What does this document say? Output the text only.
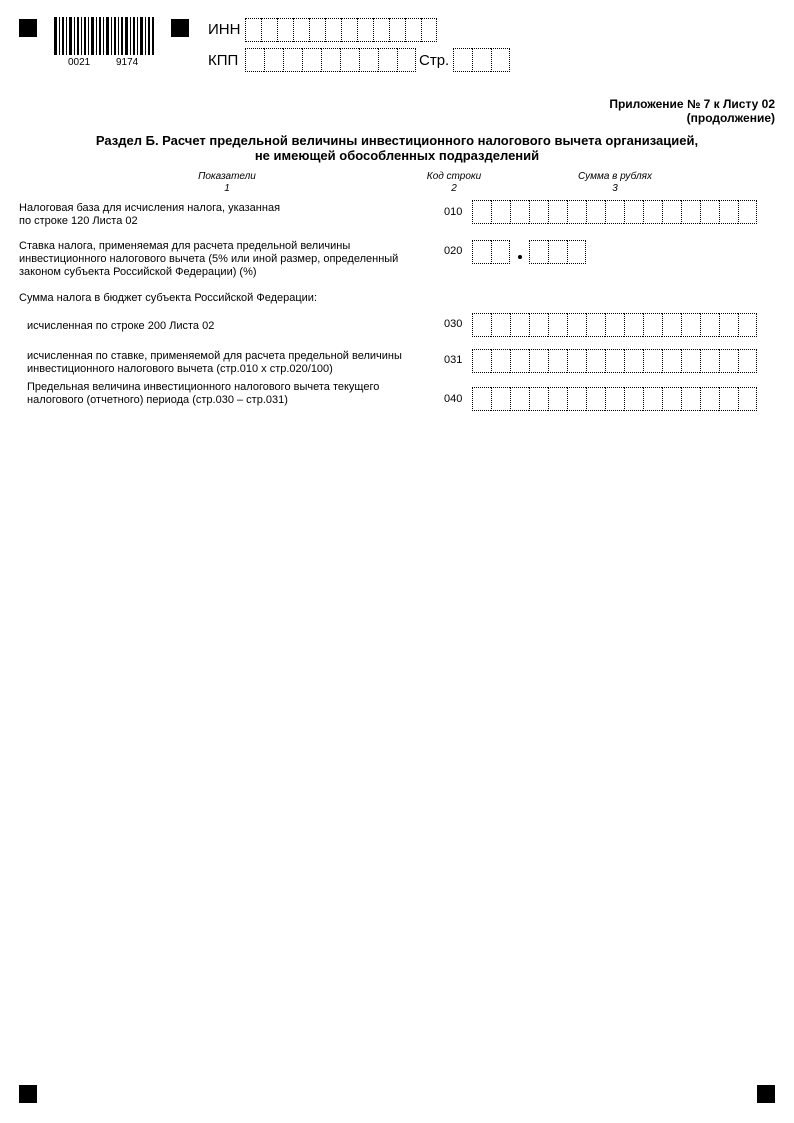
0021	9174
ИНН
КПП	Стр.
Приложение № 7 к Листу 02
(продолжение)
Раздел Б. Расчет предельной величины инвестиционного налогового вычета организацией,
не имеющей обособленных подразделений
Показатели
1
Код строки
2
Сумма в рублях
3
Налоговая база для исчисления налога, указанная
по строке 120 Листа 02
010
Ставка налога, применяемая для расчета предельной величины
инвестиционного налогового вычета (5% или иной размер, определенный
законом субъекта Российской Федерации) (%)
020
Сумма налога в бюджет субъекта Российской Федерации:
исчисленная по строке 200 Листа 02	030
исчисленная по ставке, применяемой для расчета предельной величины
инвестиционного налогового вычета (стр.010 х стр.020/100)
031
Предельная величина инвестиционного налогового вычета текущего
налогового (отчетного) периода (стр.030 – стр.031)	040
